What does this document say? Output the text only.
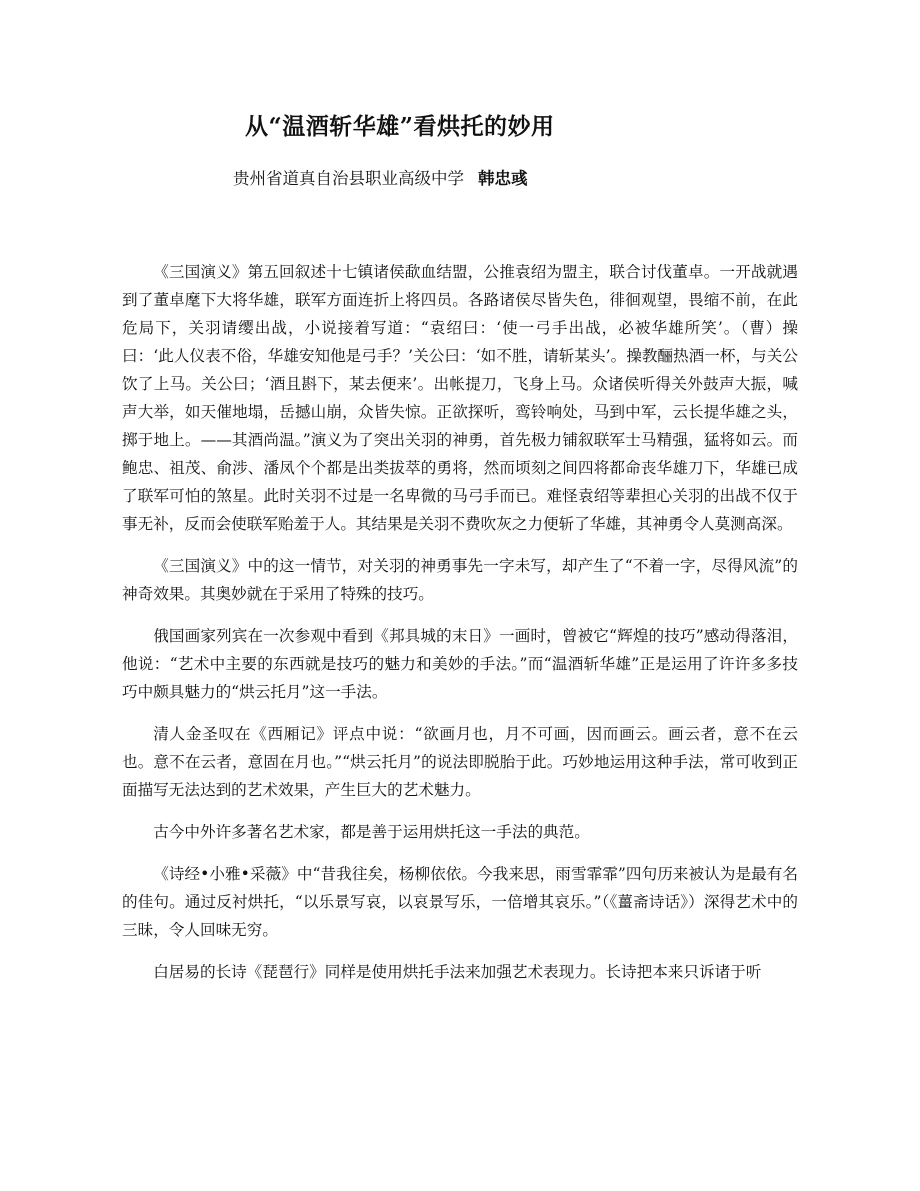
从“温酒斩华雄”看烘托的妙用
贵州省道真自治县职业高级中学 韩忠彧

《三国演义》第五回叙述十七镇诸侯歃血结盟，公推袁绍为盟主，联合讨伐董卓。一开战就遇到了董卓麾下大将华雄，联军方面连折上将四员。各路诸侯尽皆失色，徘徊观望，畏缩不前，在此危局下，关羽请缨出战，小说接着写道：“袁绍曰：‘使一弓手出战，必被华雄所笑’。（曹）操曰：‘此人仪表不俗，华雄安知他是弓手？’关公曰：‘如不胜，请斩某头’。操教酾热酒一杯，与关公饮了上马。关公曰；‘酒且斟下，某去便来’。出帐提刀，飞身上马。众诸侯听得关外鼓声大振，喊声大举，如天催地塌，岳撼山崩，众皆失惊。正欲探听，鸾铃响处，马到中军，云长提华雄之头，掷于地上。——其酒尚温。”演义为了突出关羽的神勇，首先极力铺叙联军士马精强，猛将如云。而鲍忠、祖茂、俞涉、潘凤个个都是出类拔萃的勇将，然而顷刻之间四将都命丧华雄刀下，华雄已成了联军可怕的煞星。此时关羽不过是一名卑微的马弓手而已。难怪袁绍等辈担心关羽的出战不仅于事无补，反而会使联军贻羞于人。其结果是关羽不费吹灰之力便斩了华雄，其神勇令人莫测高深。

《三国演义》中的这一情节，对关羽的神勇事先一字未写，却产生了“不着一字，尽得风流”的神奇效果。其奥妙就在于采用了特殊的技巧。

俄国画家列宾在一次参观中看到《邦具城的末日》一画时，曾被它“辉煌的技巧”感动得落泪，他说：“艺术中主要的东西就是技巧的魅力和美妙的手法。”而“温酒斩华雄”正是运用了许许多多技巧中颇具魅力的“烘云托月”这一手法。

清人金圣叹在《西厢记》评点中说：“欲画月也，月不可画，因而画云。画云者，意不在云也。意不在云者，意固在月也。”“烘云托月”的说法即脱胎于此。巧妙地运用这种手法，常可收到正面描写无法达到的艺术效果，产生巨大的艺术魅力。

古今中外许多著名艺术家，都是善于运用烘托这一手法的典范。

《诗经•小雅•采薇》中“昔我往矣，杨柳依依。今我来思，雨雪霏霏”四句历来被认为是最有名的佳句。通过反衬烘托，“以乐景写哀，以哀景写乐，一倍增其哀乐。”（《薑斋诗话》）深得艺术中的三昧，令人回味无穷。

白居易的长诗《琵琶行》同样是使用烘托手法来加强艺术表现力。长诗把本来只诉诸于听
